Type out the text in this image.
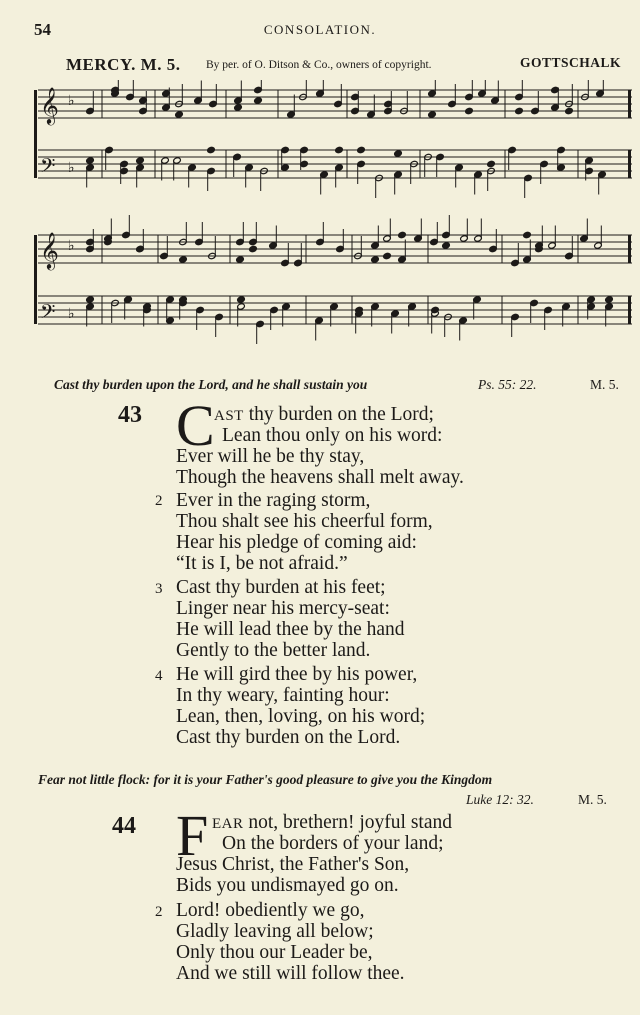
54	CONSOLATION.
MERCY. M. 5. By per. of O. Ditson & Co., owners of copyright.	GOTTSCHALK
𝄞 ♭
𝄢 ♭
𝄞 ♭
𝄢 ♭
Cast thy burden upon the Lord, and he shall sustain you	Ps. 55: 22.	M. 5.
43 C AST thy burden on the Lord;
Lean thou only on his word:
Ever will he be thy stay,
Though the heavens shall melt away.
2 Ever in the raging storm,
Thou shalt see his cheerful form,
Hear his pledge of coming aid:
“It is I, be not afraid.”
3 Cast thy burden at his feet;
Linger near his mercy-seat:
He will lead thee by the hand
Gently to the better land.
4 He will gird thee by his power,
In thy weary, fainting hour:
Lean, then, loving, on his word;
Cast thy burden on the Lord.
Fear not little flock: for it is your Father's good pleasure to give you the Kingdom
Luke 12: 32.	M. 5.
44 F EAR not, brethern! joyful stand
On the borders of your land;
Jesus Christ, the Father's Son,
Bids you undismayed go on.
2 Lord! obediently we go,
Gladly leaving all below;
Only thou our Leader be,
And we still will follow thee.
